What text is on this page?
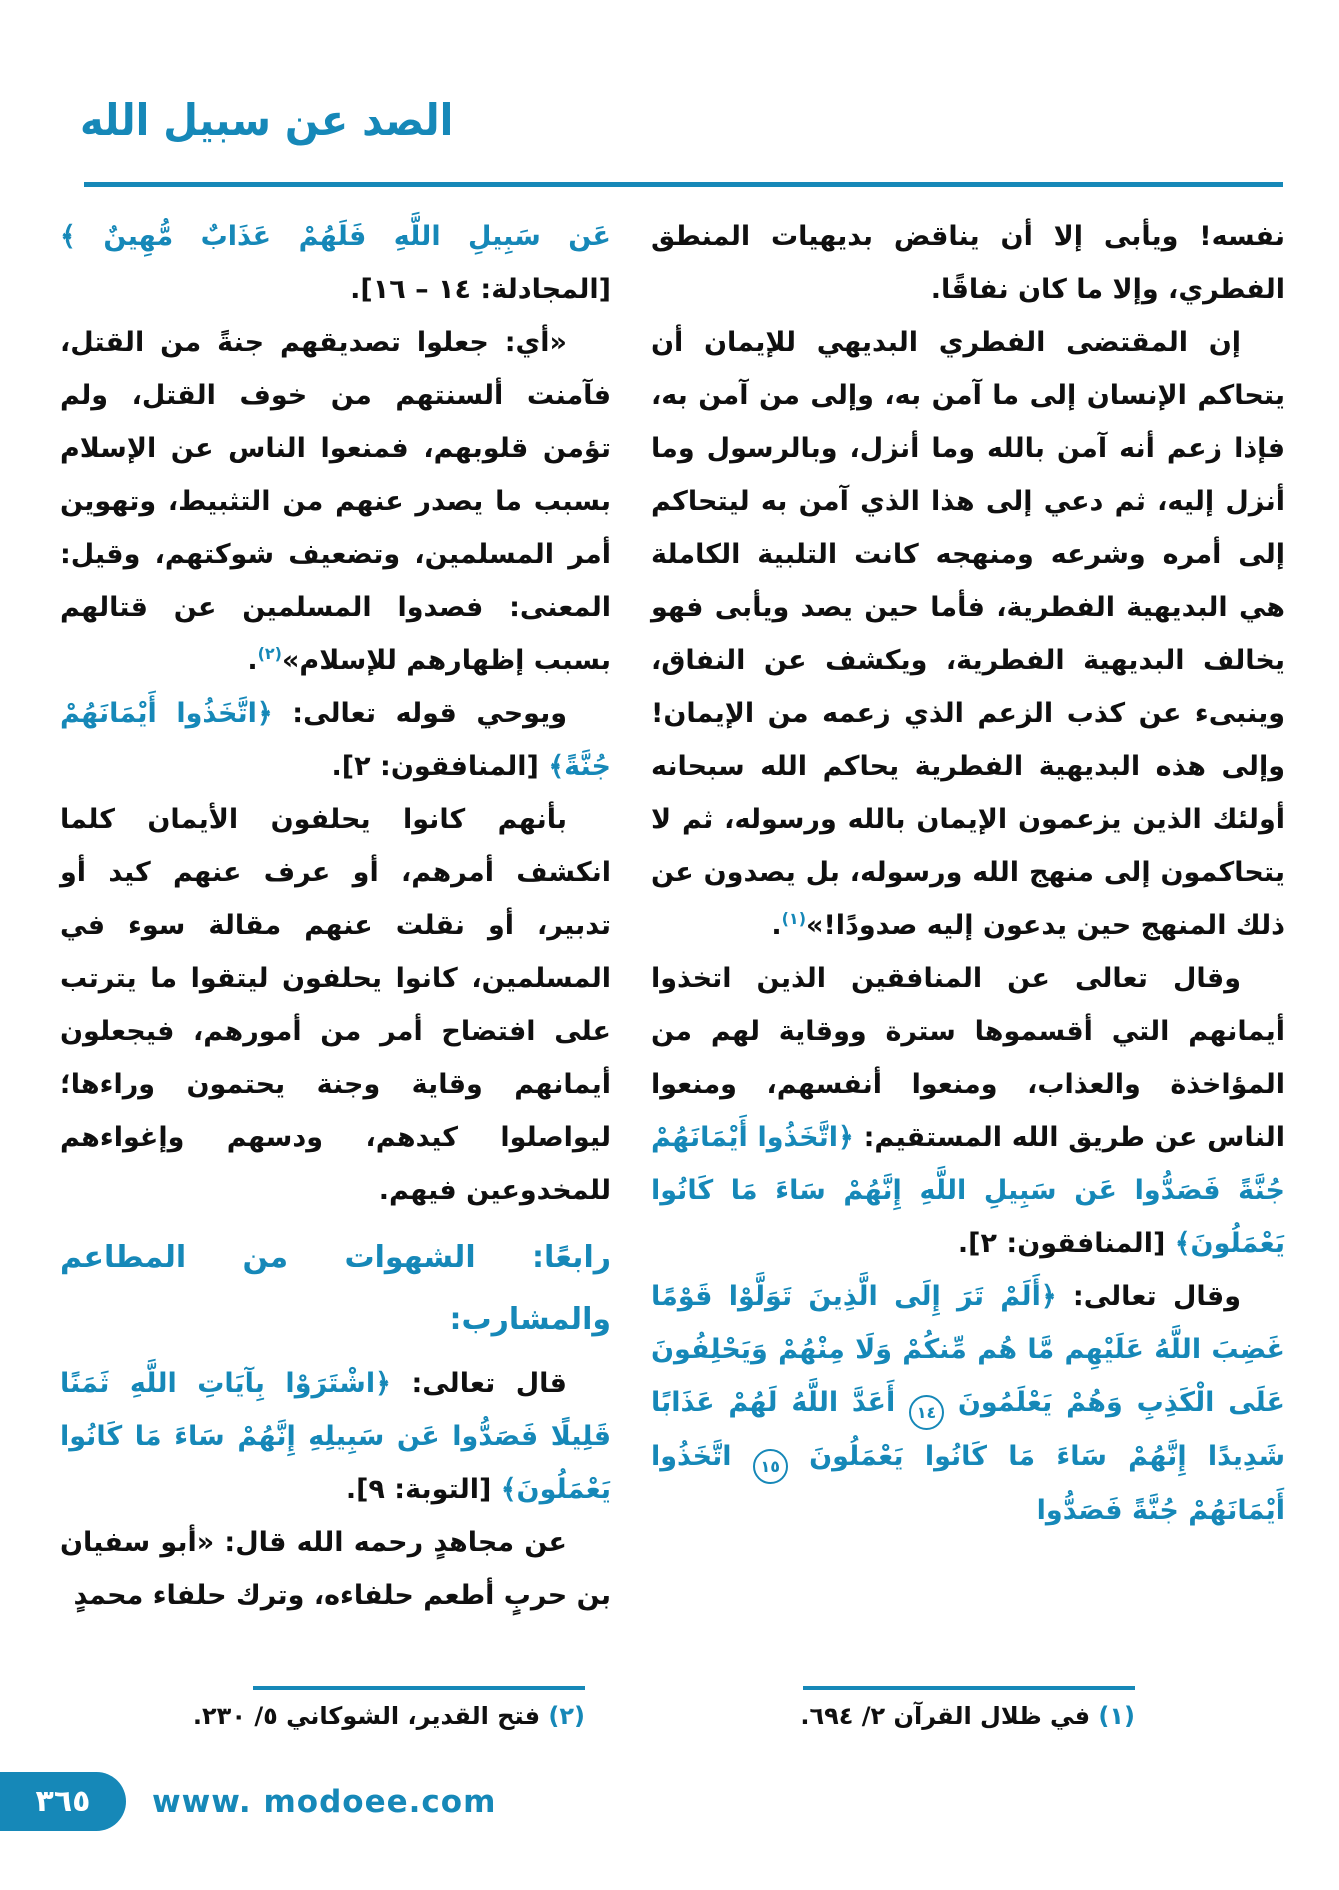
الصد عن سبيل الله

نفسه! ويأبى إلا أن يناقض بديهيات المنطق الفطري، وإلا ما كان نفاقًا.

إن المقتضى الفطري البديهي للإيمان أن يتحاكم الإنسان إلى ما آمن به، وإلى من آمن به، فإذا زعم أنه آمن بالله وما أنزل، وبالرسول وما أنزل إليه، ثم دعي إلى هذا الذي آمن به ليتحاكم إلى أمره وشرعه ومنهجه كانت التلبية الكاملة هي البديهية الفطرية، فأما حين يصد ويأبى فهو يخالف البديهية الفطرية، ويكشف عن النفاق، وينبىء عن كذب الزعم الذي زعمه من الإيمان! وإلى هذه البديهية الفطرية يحاكم الله سبحانه أولئك الذين يزعمون الإيمان بالله ورسوله، ثم لا يتحاكمون إلى منهج الله ورسوله، بل يصدون عن ذلك المنهج حين يدعون إليه صدودًا!»$^{(١)}$.

وقال تعالى عن المنافقين الذين اتخذوا أيمانهم التي أقسموها سترة ووقاية لهم من المؤاخذة والعذاب، ومنعوا أنفسهم، ومنعوا الناس عن طريق الله المستقيم: ﴿اتَّخَذُوا أَيْمَانَهُمْ جُنَّةً فَصَدُّوا عَن سَبِيلِ اللَّهِ إِنَّهُمْ سَاءَ مَا كَانُوا يَعْمَلُونَ﴾ [المنافقون: ٢].

وقال تعالى: ﴿أَلَمْ تَرَ إِلَى الَّذِينَ تَوَلَّوْا قَوْمًا غَضِبَ اللَّهُ عَلَيْهِم مَّا هُم مِّنكُمْ وَلَا مِنْهُمْ وَيَحْلِفُونَ عَلَى الْكَذِبِ وَهُمْ يَعْلَمُونَ ١٤ أَعَدَّ اللَّهُ لَهُمْ عَذَابًا شَدِيدًا إِنَّهُمْ سَاءَ مَا كَانُوا يَعْمَلُونَ ١٥ اتَّخَذُوا أَيْمَانَهُمْ جُنَّةً فَصَدُّوا

عَن سَبِيلِ اللَّهِ فَلَهُمْ عَذَابٌ مُّهِينٌ ﴾ [المجادلة: ١٤ – ١٦].

«أي: جعلوا تصديقهم جنةً من القتل، فآمنت ألسنتهم من خوف القتل، ولم تؤمن قلوبهم، فمنعوا الناس عن الإسلام بسبب ما يصدر عنهم من التثبيط، وتهوين أمر المسلمين، وتضعيف شوكتهم، وقيل: المعنى: فصدوا المسلمين عن قتالهم بسبب إظهارهم للإسلام»$^{(٢)}$.

ويوحي قوله تعالى: ﴿اتَّخَذُوا أَيْمَانَهُمْ جُنَّةً﴾ [المنافقون: ٢].

بأنهم كانوا يحلفون الأيمان كلما انكشف أمرهم، أو عرف عنهم كيد أو تدبير، أو نقلت عنهم مقالة سوء في المسلمين، كانوا يحلفون ليتقوا ما يترتب على افتضاح أمر من أمورهم، فيجعلون أيمانهم وقاية وجنة يحتمون وراءها؛ ليواصلوا كيدهم، ودسهم وإغواءهم للمخدوعين فيهم.

رابعًا: الشهوات من المطاعم
والمشارب:

قال تعالى: ﴿اشْتَرَوْا بِآيَاتِ اللَّهِ ثَمَنًا قَلِيلًا فَصَدُّوا عَن سَبِيلِهِ إِنَّهُمْ سَاءَ مَا كَانُوا يَعْمَلُونَ﴾ [التوبة: ٩].

عن مجاهدٍ رحمه الله قال: «أبو سفيان بن حربٍ أطعم حلفاءه، وترك حلفاء محمدٍ

(١) في ظلال القرآن ٢/ ٦٩٤.
(٢) فتح القدير، الشوكاني ٥/ ٢٣٠.
٣٦٥ www. modoee.com
